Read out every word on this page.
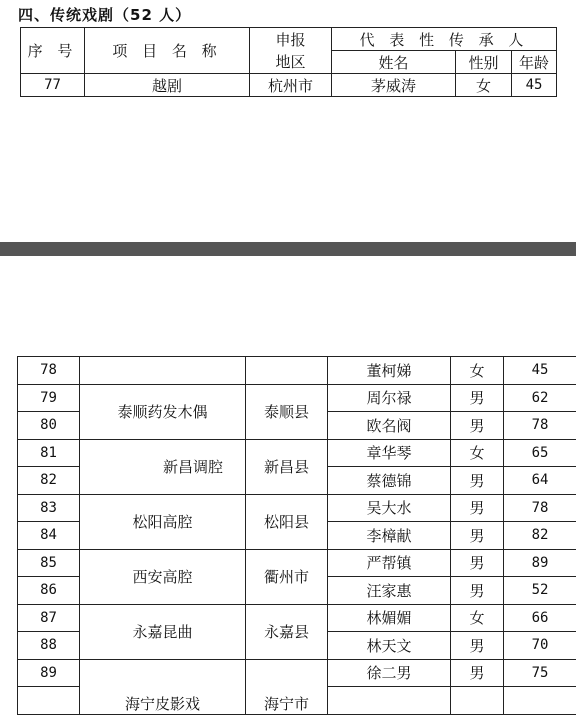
四、传统戏剧（52 人）
序 号	项 目 名 称	申报	代 表 性 传 承 人		
		地区	姓名	性别	年龄
77	越剧	杭州市	茅威涛	女	45
78			董柯娣	女	45
79	泰顺药发木偶	泰顺县	周尔禄	男	62
80			欧名阀	男	78
81	新昌调腔	新昌县	章华琴	女	65
82			蔡德锦	男	64
83	松阳高腔	松阳县	吴大水	男	78
84			李樟献	男	82
85	西安高腔	衢州市	严帮镇	男	89
86			汪家惠	男	52
87	永嘉昆曲	永嘉县	林媚媚	女	66
88			林天文	男	70
89	海宁皮影戏	海宁市	徐二男	男	75
